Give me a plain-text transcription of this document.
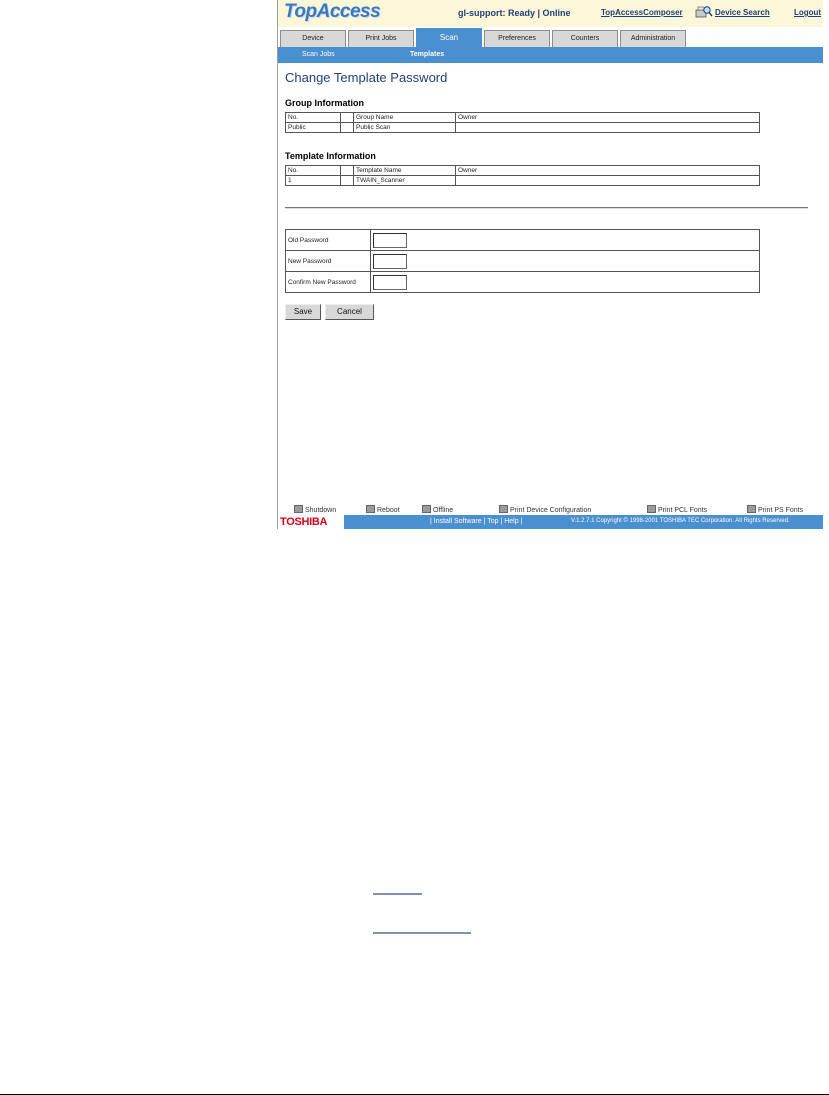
TopAccess	gl-support: Ready | Online	TopAccessComposer	Device Search	Logout
Device	Print Jobs	Scan	Preferences	Counters	Administration
Scan Jobs	Templates
Change Template Password
Group Information
No.		Group Name	Owner
Public		Public Scan	
Template Information
No.		Template Name	Owner
1		TWAIN_Scanner	
Old Password	

New Password	

Confirm New Password	
Save	Cancel
Shutdown	Reboot	Offline	Print Device Configuration	Print PCL Fonts	Print PS Fonts
TOSHIBA	| Install Software | Top | Help |	V.1.2.7.1 Copyright © 1998-2001 TOSHIBA TEC Corporation. All Rights Reserved.
